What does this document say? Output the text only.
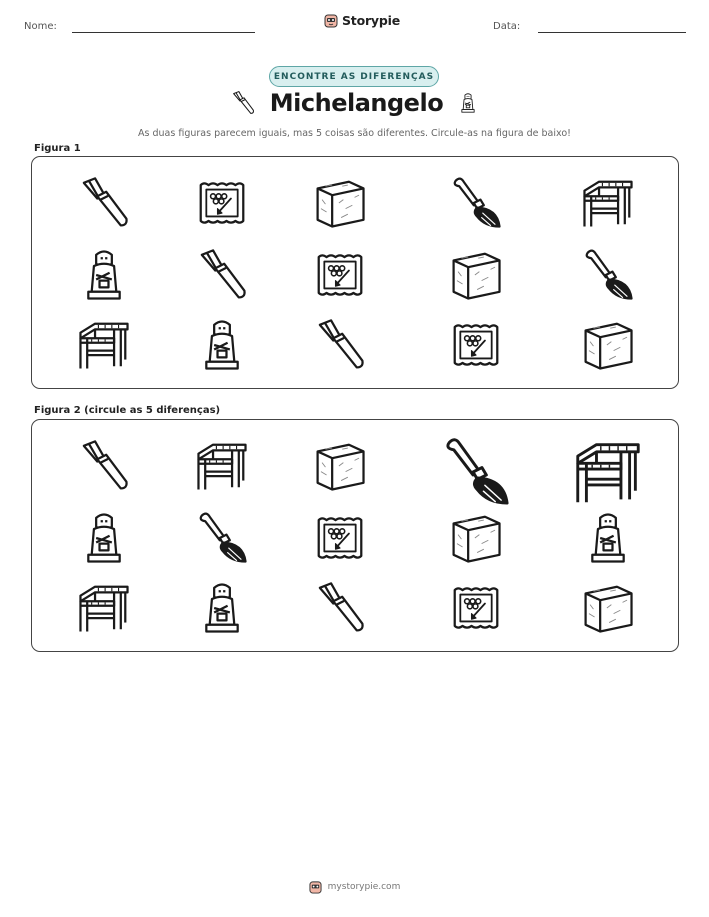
Nome:	Storypie	Data:
ENCONTRE AS DIFERENÇAS
Michelangelo
As duas figuras parecem iguais, mas 5 coisas são diferentes. Circule-as na figura de baixo!
Figura 1
Figura 2 (circule as 5 diferenças)
mystorypie.com
